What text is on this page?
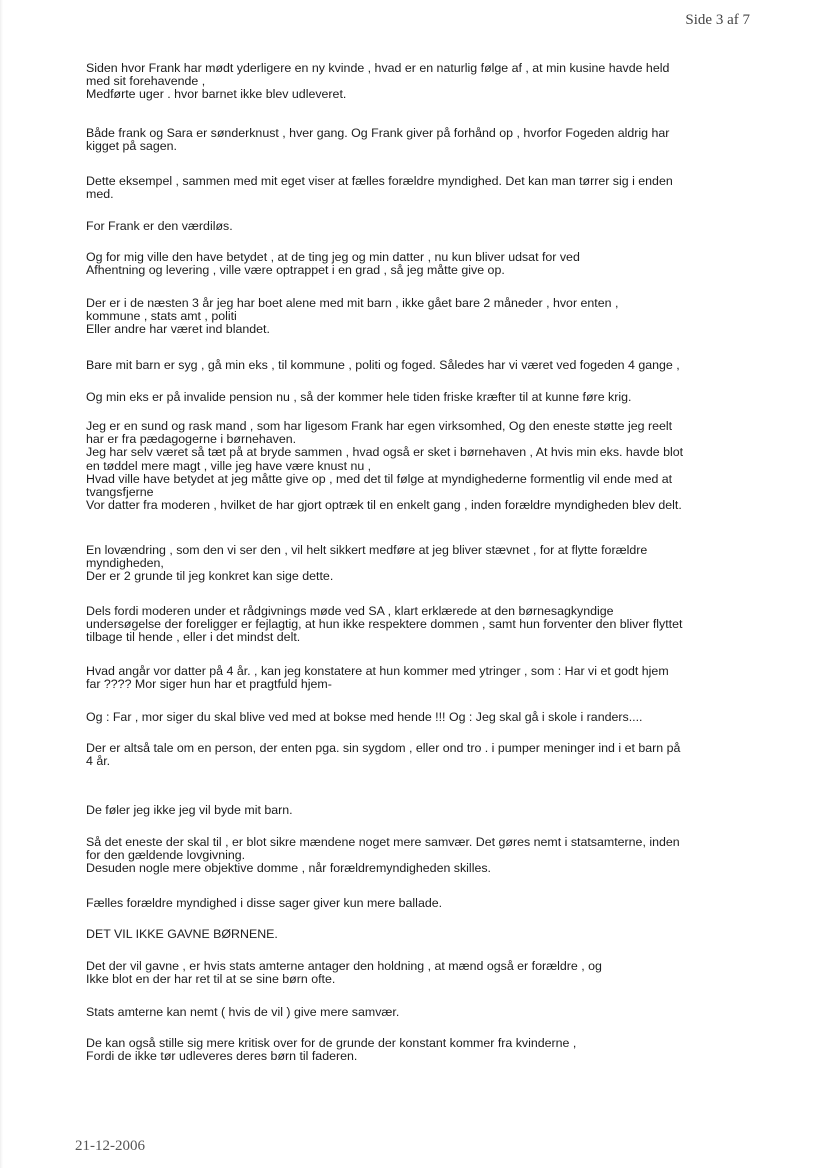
Side 3 af 7
Siden hvor Frank har mødt yderligere en ny kvinde , hvad er en naturlig følge af , at min kusine havde held
med sit forehavende ,
Medførte uger . hvor barnet ikke blev udleveret.
Både frank og Sara er sønderknust , hver gang. Og Frank giver på forhånd op , hvorfor Fogeden aldrig har
kigget på sagen.
Dette eksempel , sammen med mit eget viser at fælles forældre myndighed. Det kan man tørrer sig i enden
med.
For Frank er den værdiløs.
Og for mig ville den have betydet , at de ting jeg og min datter , nu kun bliver udsat for ved
Afhentning og levering , ville være optrappet i en grad , så jeg måtte give op.
Der er i de næsten 3 år jeg har boet alene med mit barn , ikke gået bare 2 måneder , hvor enten ,
kommune , stats amt , politi
Eller andre har været ind blandet.
Bare mit barn er syg , gå min eks , til kommune , politi og foged. Således har vi været ved fogeden 4 gange ,
Og min eks er på invalide pension nu , så der kommer hele tiden friske kræfter til at kunne føre krig.
Jeg er en sund og rask mand , som har ligesom Frank har egen virksomhed, Og den eneste støtte jeg reelt
har er fra pædagogerne i børnehaven.
Jeg har selv været så tæt på at bryde sammen , hvad også er sket i børnehaven , At hvis min eks. havde blot
en tøddel mere magt , ville jeg have være knust nu ,
Hvad ville have betydet at jeg måtte give op , med det til følge at myndighederne formentlig vil ende med at
tvangsfjerne
Vor datter fra moderen , hvilket de har gjort optræk til en enkelt gang , inden forældre myndigheden blev delt.
En lovændring , som den vi ser den , vil helt sikkert medføre at jeg bliver stævnet , for at flytte forældre
myndigheden,
Der er 2 grunde til jeg konkret kan sige dette.
Dels fordi moderen under et rådgivnings møde ved SA , klart erklærede at den børnesagkyndige
undersøgelse der foreligger er fejlagtig, at hun ikke respektere dommen , samt hun forventer den bliver flyttet
tilbage til hende , eller i det mindst delt.
Hvad angår vor datter på 4 år. , kan jeg konstatere at hun kommer med ytringer , som : Har vi et godt hjem
far ???? Mor siger hun har et pragtfuld hjem-
Og : Far , mor siger du skal blive ved med at bokse med hende !!! Og : Jeg skal gå i skole i randers....
Der er altså tale om en person, der enten pga. sin sygdom , eller ond tro . i pumper meninger ind i et barn på
4 år.
De føler jeg ikke jeg vil byde mit barn.
Så det eneste der skal til , er blot sikre mændene noget mere samvær. Det gøres nemt i statsamterne, inden
for den gældende lovgivning.
Desuden nogle mere objektive domme , når forældremyndigheden skilles.
Fælles forældre myndighed i disse sager giver kun mere ballade.
DET VIL IKKE GAVNE BØRNENE.
Det der vil gavne , er hvis stats amterne antager den holdning , at mænd også er forældre , og
Ikke blot en der har ret til at se sine børn ofte.
Stats amterne kan nemt ( hvis de vil ) give mere samvær.
De kan også stille sig mere kritisk over for de grunde der konstant kommer fra kvinderne ,
Fordi de ikke tør udleveres deres børn til faderen.
21-12-2006
